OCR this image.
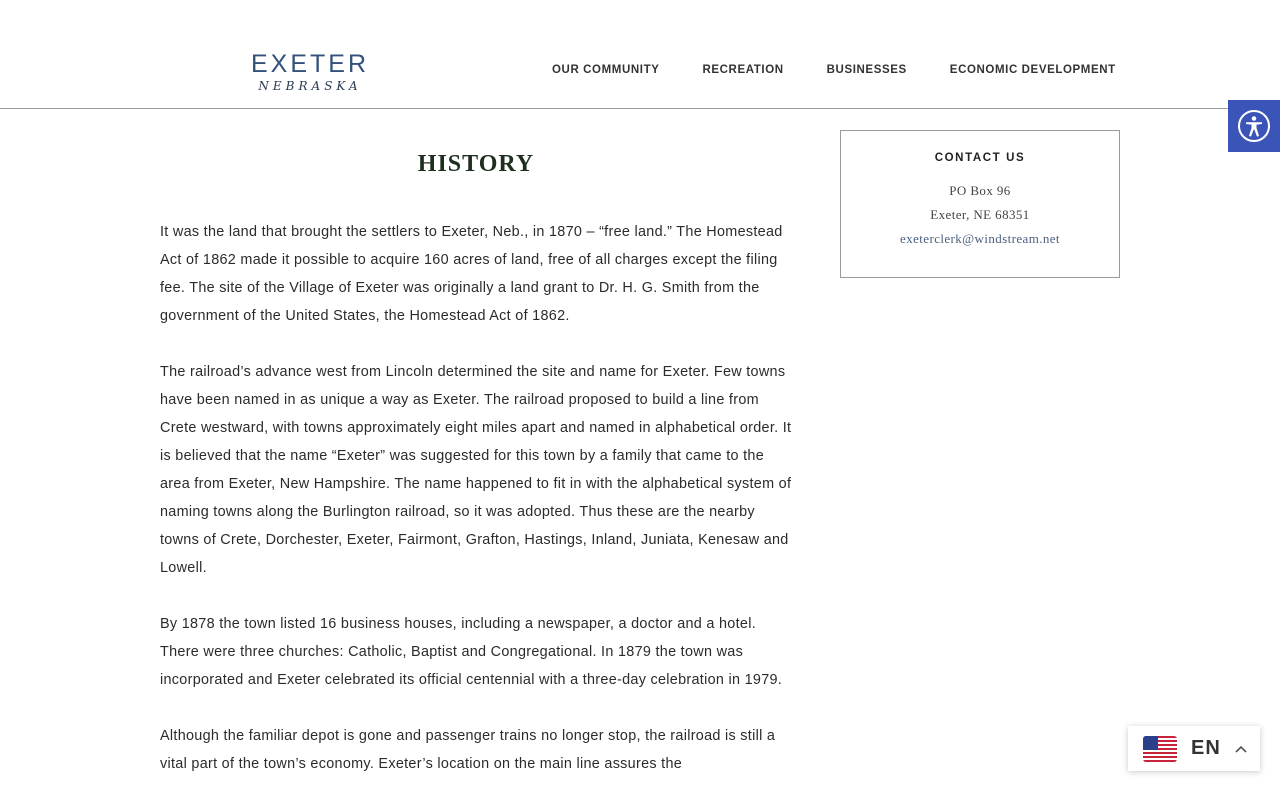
EXETER
NEBRASKA
OUR COMMUNITY	RECREATION	BUSINESSES	ECONOMIC DEVELOPMENT
HISTORY

It was the land that brought the settlers to Exeter, Neb., in 1870 – “free land.” The Homestead Act of 1862 made it possible to acquire 160 acres of land, free of all charges except the filing fee. The site of the Village of Exeter was originally a land grant to Dr. H. G. Smith from the government of the United States, the Homestead Act of 1862.

The railroad’s advance west from Lincoln determined the site and name for Exeter. Few towns have been named in as unique a way as Exeter. The railroad proposed to build a line from Crete westward, with towns approximately eight miles apart and named in alphabetical order. It is believed that the name “Exeter” was suggested for this town by a family that came to the area from Exeter, New Hampshire. The name happened to fit in with the alphabetical system of naming towns along the Burlington railroad, so it was adopted. Thus these are the nearby towns of Crete, Dorchester, Exeter, Fairmont, Grafton, Hastings, Inland, Juniata, Kenesaw and Lowell.

By 1878 the town listed 16 business houses, including a newspaper, a doctor and a hotel. There were three churches: Catholic, Baptist and Congregational. In 1879 the town was incorporated and Exeter celebrated its official centennial with a three-day celebration in 1979.

Although the familiar depot is gone and passenger trains no longer stop, the railroad is still a vital part of the town’s economy. Exeter’s location on the main line assures the

CONTACT US
PO Box 96
Exeter, NE 68351
exeterclerk@windstream.net
EN
